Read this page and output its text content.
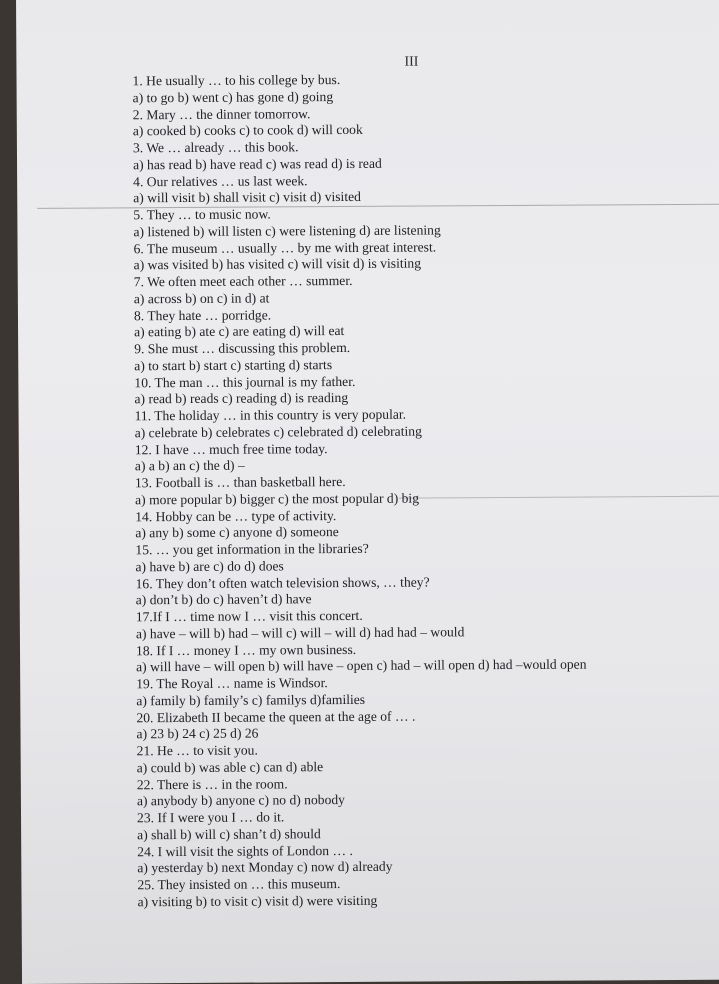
III
1. He usually … to his college by bus.
a) to go b) went c) has gone d) going
2. Mary … the dinner tomorrow.
a) cooked b) cooks c) to cook d) will cook
3. We … already … this book.
a) has read b) have read c) was read d) is read
4. Our relatives … us last week.
a) will visit b) shall visit c) visit d) visited
5. They … to music now.
a) listened b) will listen c) were listening d) are listening
6. The museum … usually … by me with great interest.
a) was visited b) has visited c) will visit d) is visiting
7. We often meet each other … summer.
a) across b) on c) in d) at
8. They hate … porridge.
a) eating b) ate c) are eating d) will eat
9. She must … discussing this problem.
a) to start b) start c) starting d) starts
10. The man … this journal is my father.
a) read b) reads c) reading d) is reading
11. The holiday … in this country is very popular.
a) celebrate b) celebrates c) celebrated d) celebrating
12. I have … much free time today.
a) a b) an c) the d) –
13. Football is … than basketball here.
a) more popular b) bigger c) the most popular d) big
14. Hobby can be … type of activity.
a) any b) some c) anyone d) someone
15. … you get information in the libraries?
a) have b) are c) do d) does
16. They don’t often watch television shows, … they?
a) don’t b) do c) haven’t d) have
17.If I … time now I … visit this concert.
a) have – will b) had – will c) will – will d) had had – would
18. If I … money I … my own business.
a) will have – will open b) will have – open c) had – will open d) had –would open
19. The Royal … name is Windsor.
a) family b) family’s c) familys d)families
20. Elizabeth II became the queen at the age of … .
a) 23 b) 24 c) 25 d) 26
21. He … to visit you.
a) could b) was able c) can d) able
22. There is … in the room.
a) anybody b) anyone c) no d) nobody
23. If I were you I … do it.
a) shall b) will c) shan’t d) should
24. I will visit the sights of London … .
a) yesterday b) next Monday c) now d) already
25. They insisted on … this museum.
a) visiting b) to visit c) visit d) were visiting
